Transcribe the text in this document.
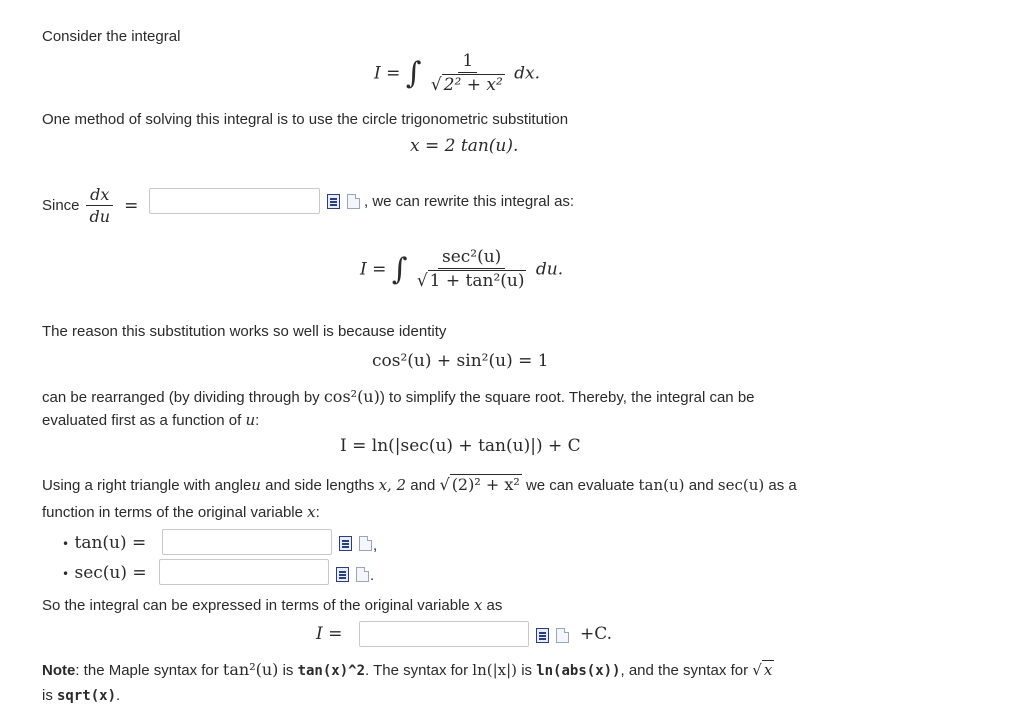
Consider the integral
I = ∫ $\frac{1}{\text{√ 2² + x²}}$ dx.
One method of solving this integral is to use the circle trigonometric substitution
x = 2 tan(u).
Since $\frac{dx}{du}$ =	, we can rewrite this integral as:
I = ∫ $\frac{\text{sec²(u)}}{\text{√ 1 + tan²(u)}}$ du.
The reason this substitution works so well is because identity
cos²(u) + sin²(u) = 1
can be rearranged (by dividing through by cos²(u)) to simplify the square root. Thereby, the integral can be
evaluated first as a function of u:
I = ln(|sec(u) + tan(u)|) + C
Using a right triangle with angle u and side lengths x, 2 and √ (2)² + x² we can evaluate tan(u) and sec(u) as a
function in terms of the original variable x:
• tan(u) =	,
• sec(u) =	.
So the integral can be expressed in terms of the original variable x as
I =	+C.
Note : the Maple syntax for tan²(u) is tan(x)^2 . The syntax for ln(|x|) is ln(abs(x)) , and the syntax for √ x
is sqrt(x).
